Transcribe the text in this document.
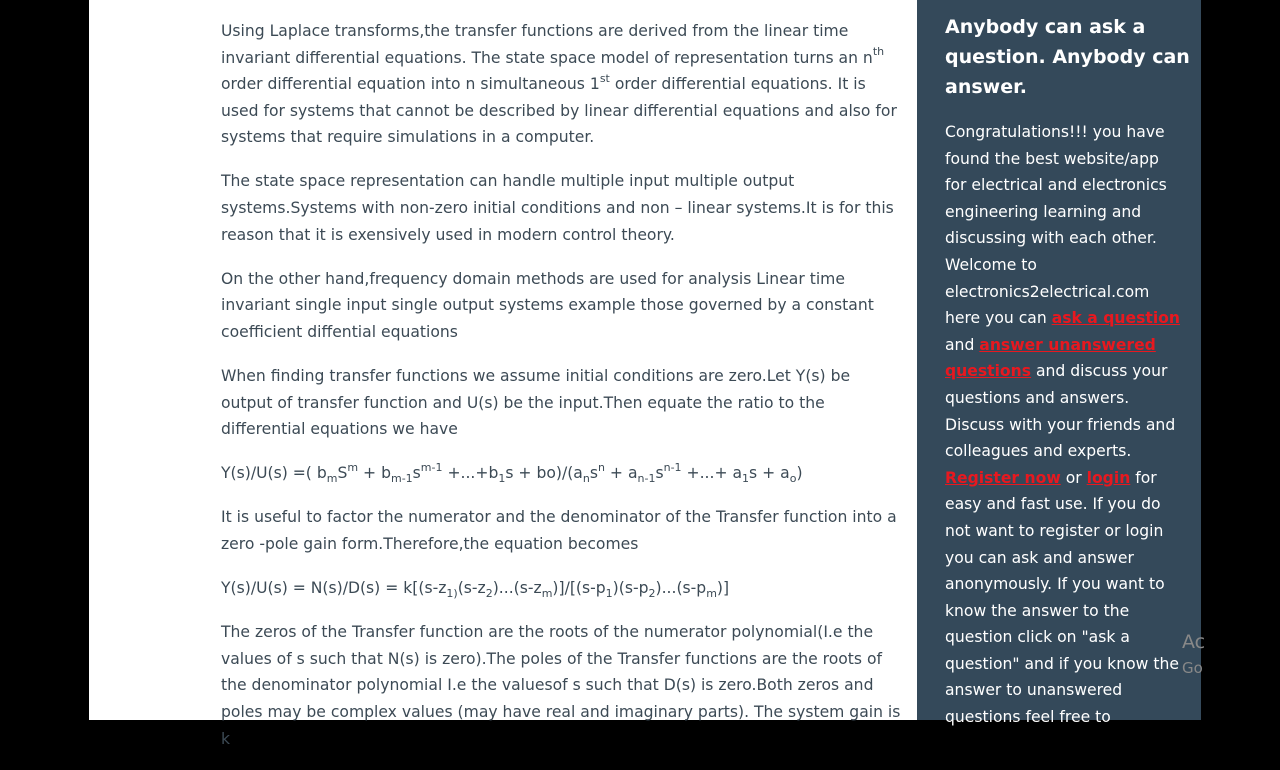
Using Laplace transforms,the transfer functions are derived from the linear time invariant differential equations. The state space model of representation turns an $n^{th}$ order differential equation into n simultaneous 1st order differential equations. It is used for systems that cannot be described by linear differential equations and also for systems that require simulations in a computer.

The state space representation can handle multiple input multiple output systems.Systems with non-zero initial conditions and non – linear systems.It is for this reason that it is exensively used in modern control theory.

On the other hand,frequency domain methods are used for analysis Linear time invariant single input single output systems example those governed by a constant coefficient diffential equations

When finding transfer functions we assume initial conditions are zero.Let Y(s) be output of transfer function and U(s) be the input.Then equate the ratio to the differential equations we have

Y(s)/U(s) =( $b_mS^m + b_{m-1}s^{m-1} +...+b_1s + bo)/(a_ns^n + a_{n-1}s^{n-1}$ +...+ $a_1s + a_o$)

It is useful to factor the numerator and the denominator of the Transfer function into a zero -pole gain form.Therefore,the equation becomes

$Y(s)/U(s) = N(s)/D(s) = k[(s-z_{1)}(s-z_2)...(s-z_m)]/[(s-p_1)(s-p_2)...(s-p_m)]$

The zeros of the Transfer function are the roots of the numerator polynomial(I.e the values of s such that N(s) is zero).The poles of the Transfer functions are the roots of the denominator polynomial I.e the valuesof s such that D(s) is zero.Both zeros and poles may be complex values (may have real and imaginary parts). The system gain is k

Anybody can ask a question. Anybody can answer.
Congratulations!!! you have found the best website/app for electrical and electronics engineering learning and discussing with each other. Welcome to electronics2electrical.com here you can ask a question and answer unanswered questions and discuss your questions and answers. Discuss with your friends and colleagues and experts. Register now or login for easy and fast use. If you do not want to register or login you can ask and answer anonymously. If you want to know the answer to the question click on "ask a question" and if you know the answer to unanswered questions feel free to
Ac
Go
